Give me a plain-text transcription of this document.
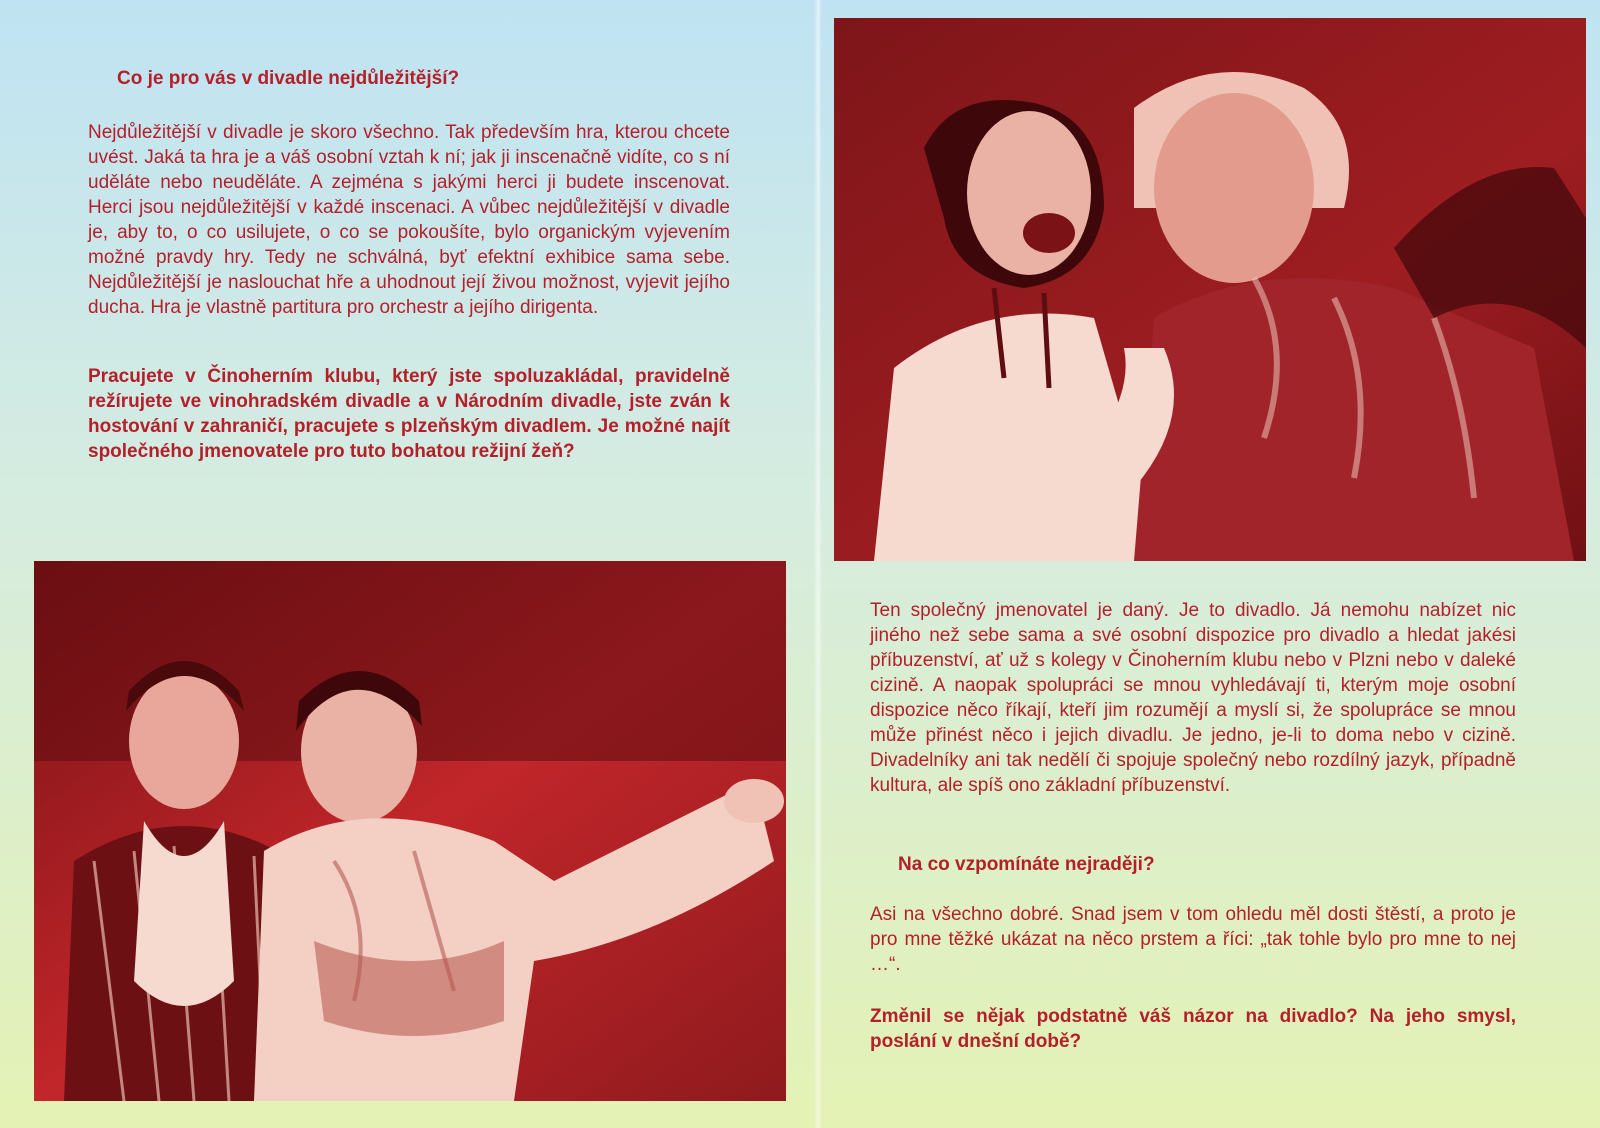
Co je pro vás v divadle nejdůležitější?

Nejdůležitější v divadle je skoro všechno. Tak především hra, kterou chcete uvést. Jaká ta hra je a váš osobní vztah k ní; jak ji inscenačně vidíte, co s ní uděláte nebo neuděláte. A zejména s jakými herci ji budete inscenovat. Herci jsou nejdůležitější v každé inscenaci. A vůbec nejdůležitější v divadle je, aby to, o co usilujete, o co se pokoušíte, bylo organickým vyjevením možné pravdy hry. Tedy ne schválná, byť efektní exhibice sama sebe. Nejdůležitější je naslouchat hře a uhodnout její živou možnost, vyjevit jejího ducha. Hra je vlastně partitura pro orchestr a jejího dirigenta.

Pracujete v Činoherním klubu, který jste spoluzakládal, pravidelně režírujete ve vinohradském divadle a v Národním divadle, jste zván k hostování v zahraničí, pracujete s plzeňským divadlem. Je možné najít společného jmenovatele pro tuto bohatou režijní žeň?

Ten společný jmenovatel je daný. Je to divadlo. Já nemohu nabízet nic jiného než sebe sama a své osobní dispozice pro divadlo a hledat jakési příbuzenství, ať už s kolegy v Činoherním klubu nebo v Plzni nebo v daleké cizině. A naopak spolupráci se mnou vyhledávají ti, kterým moje osobní dispozice něco říkají, kteří jim rozumějí a myslí si, že spolupráce se mnou může přinést něco i jejich divadlu. Je jedno, je-li to doma nebo v cizině. Divadelníky ani tak nedělí či spojuje společný nebo rozdílný jazyk, případně kultura, ale spíš ono základní příbuzenství.

Na co vzpomínáte nejraději?

Asi na všechno dobré. Snad jsem v tom ohledu měl dosti štěstí, a proto je pro mne těžké ukázat na něco prstem a říci: „tak tohle bylo pro mne to nej …“.

Změnil se nějak podstatně váš názor na divadlo? Na jeho smysl, poslání v dnešní době?
